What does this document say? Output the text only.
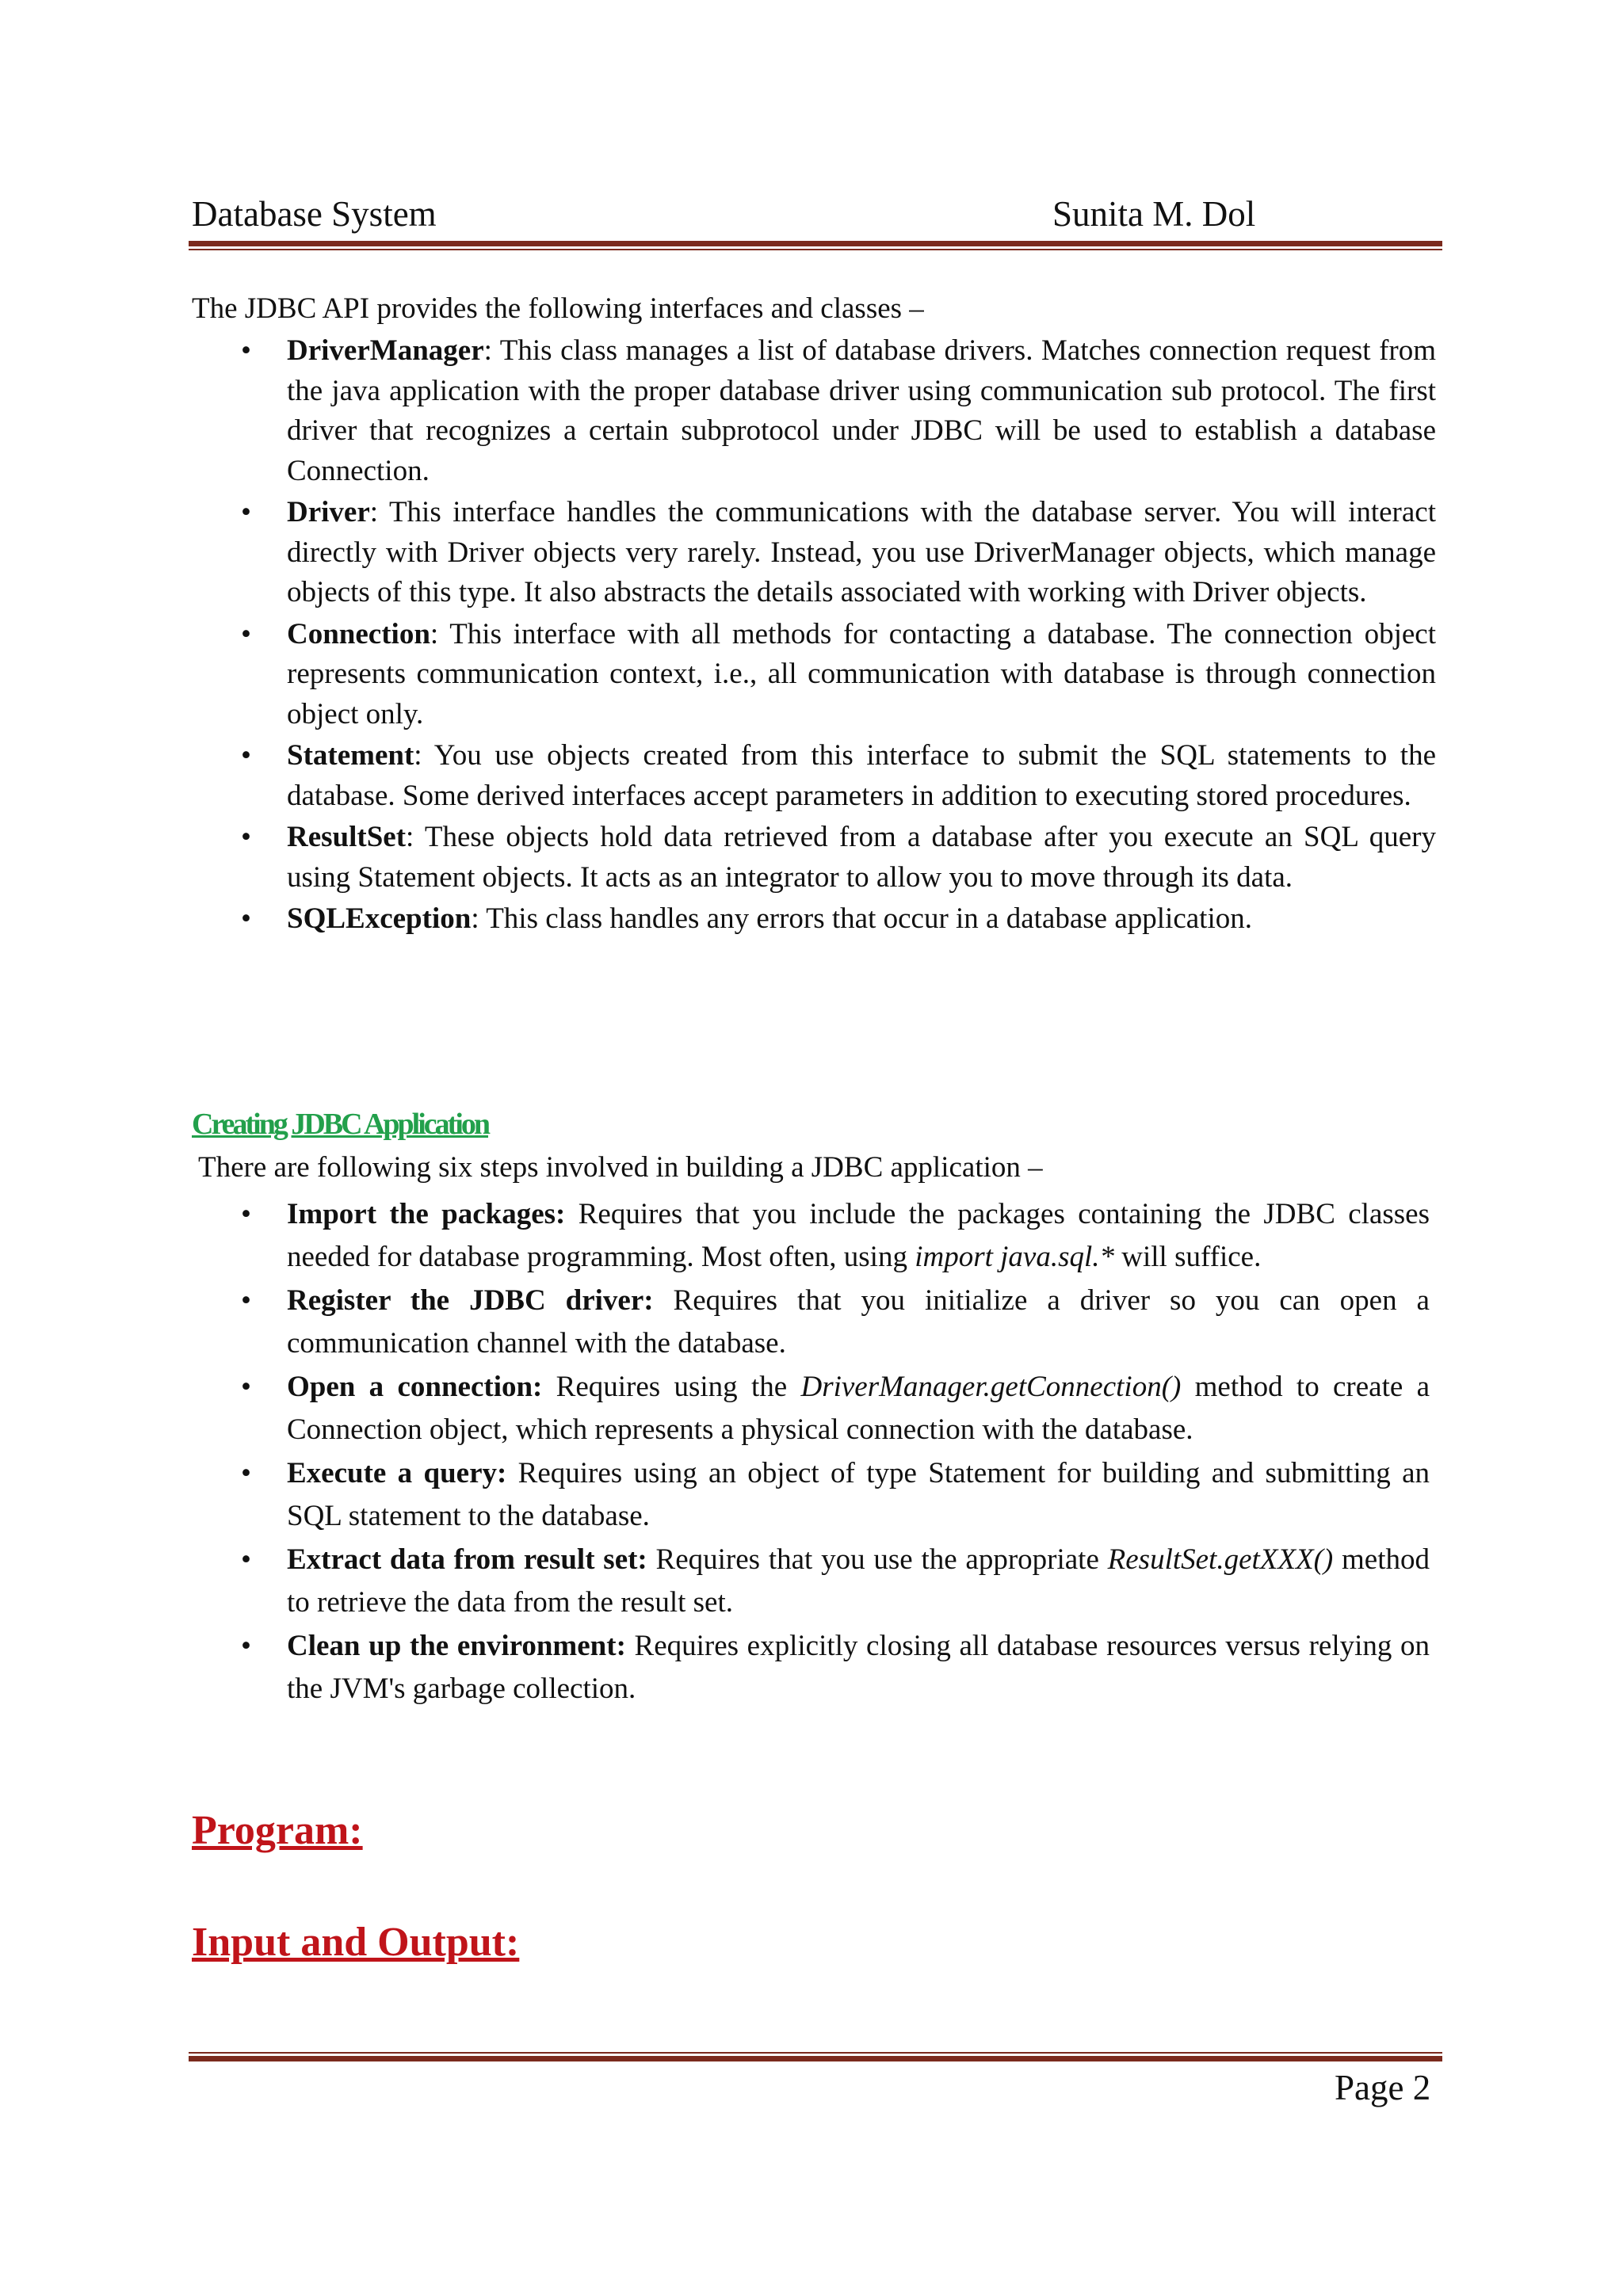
Database System	Sunita M. Dol
The JDBC API provides the following interfaces and classes –
• DriverManager: This class manages a list of database drivers. Matches connection request from the java application with the proper database driver using communication sub protocol. The first driver that recognizes a certain subprotocol under JDBC will be used to establish a database Connection.
• Driver: This interface handles the communications with the database server. You will interact directly with Driver objects very rarely. Instead, you use DriverManager objects, which manage objects of this type. It also abstracts the details associated with working with Driver objects.
• Connection: This interface with all methods for contacting a database. The connection object represents communication context, i.e., all communication with database is through connection object only.
• Statement: You use objects created from this interface to submit the SQL statements to the database. Some derived interfaces accept parameters in addition to executing stored procedures.
• ResultSet: These objects hold data retrieved from a database after you execute an SQL query using Statement objects. It acts as an integrator to allow you to move through its data.
• SQLException: This class handles any errors that occur in a database application.
Creating JDBC Application
There are following six steps involved in building a JDBC application –
• Import the packages: Requires that you include the packages containing the JDBC classes needed for database programming. Most often, using import java.sql.* will suffice.
• Register the JDBC driver: Requires that you initialize a driver so you can open a communication channel with the database.
• Open a connection: Requires using the DriverManager.getConnection() method to create a Connection object, which represents a physical connection with the database.
• Execute a query: Requires using an object of type Statement for building and submitting an SQL statement to the database.
• Extract data from result set: Requires that you use the appropriate ResultSet.getXXX() method to retrieve the data from the result set.
• Clean up the environment: Requires explicitly closing all database resources versus relying on the JVM's garbage collection.
Program:
Input and Output:
Page 2
